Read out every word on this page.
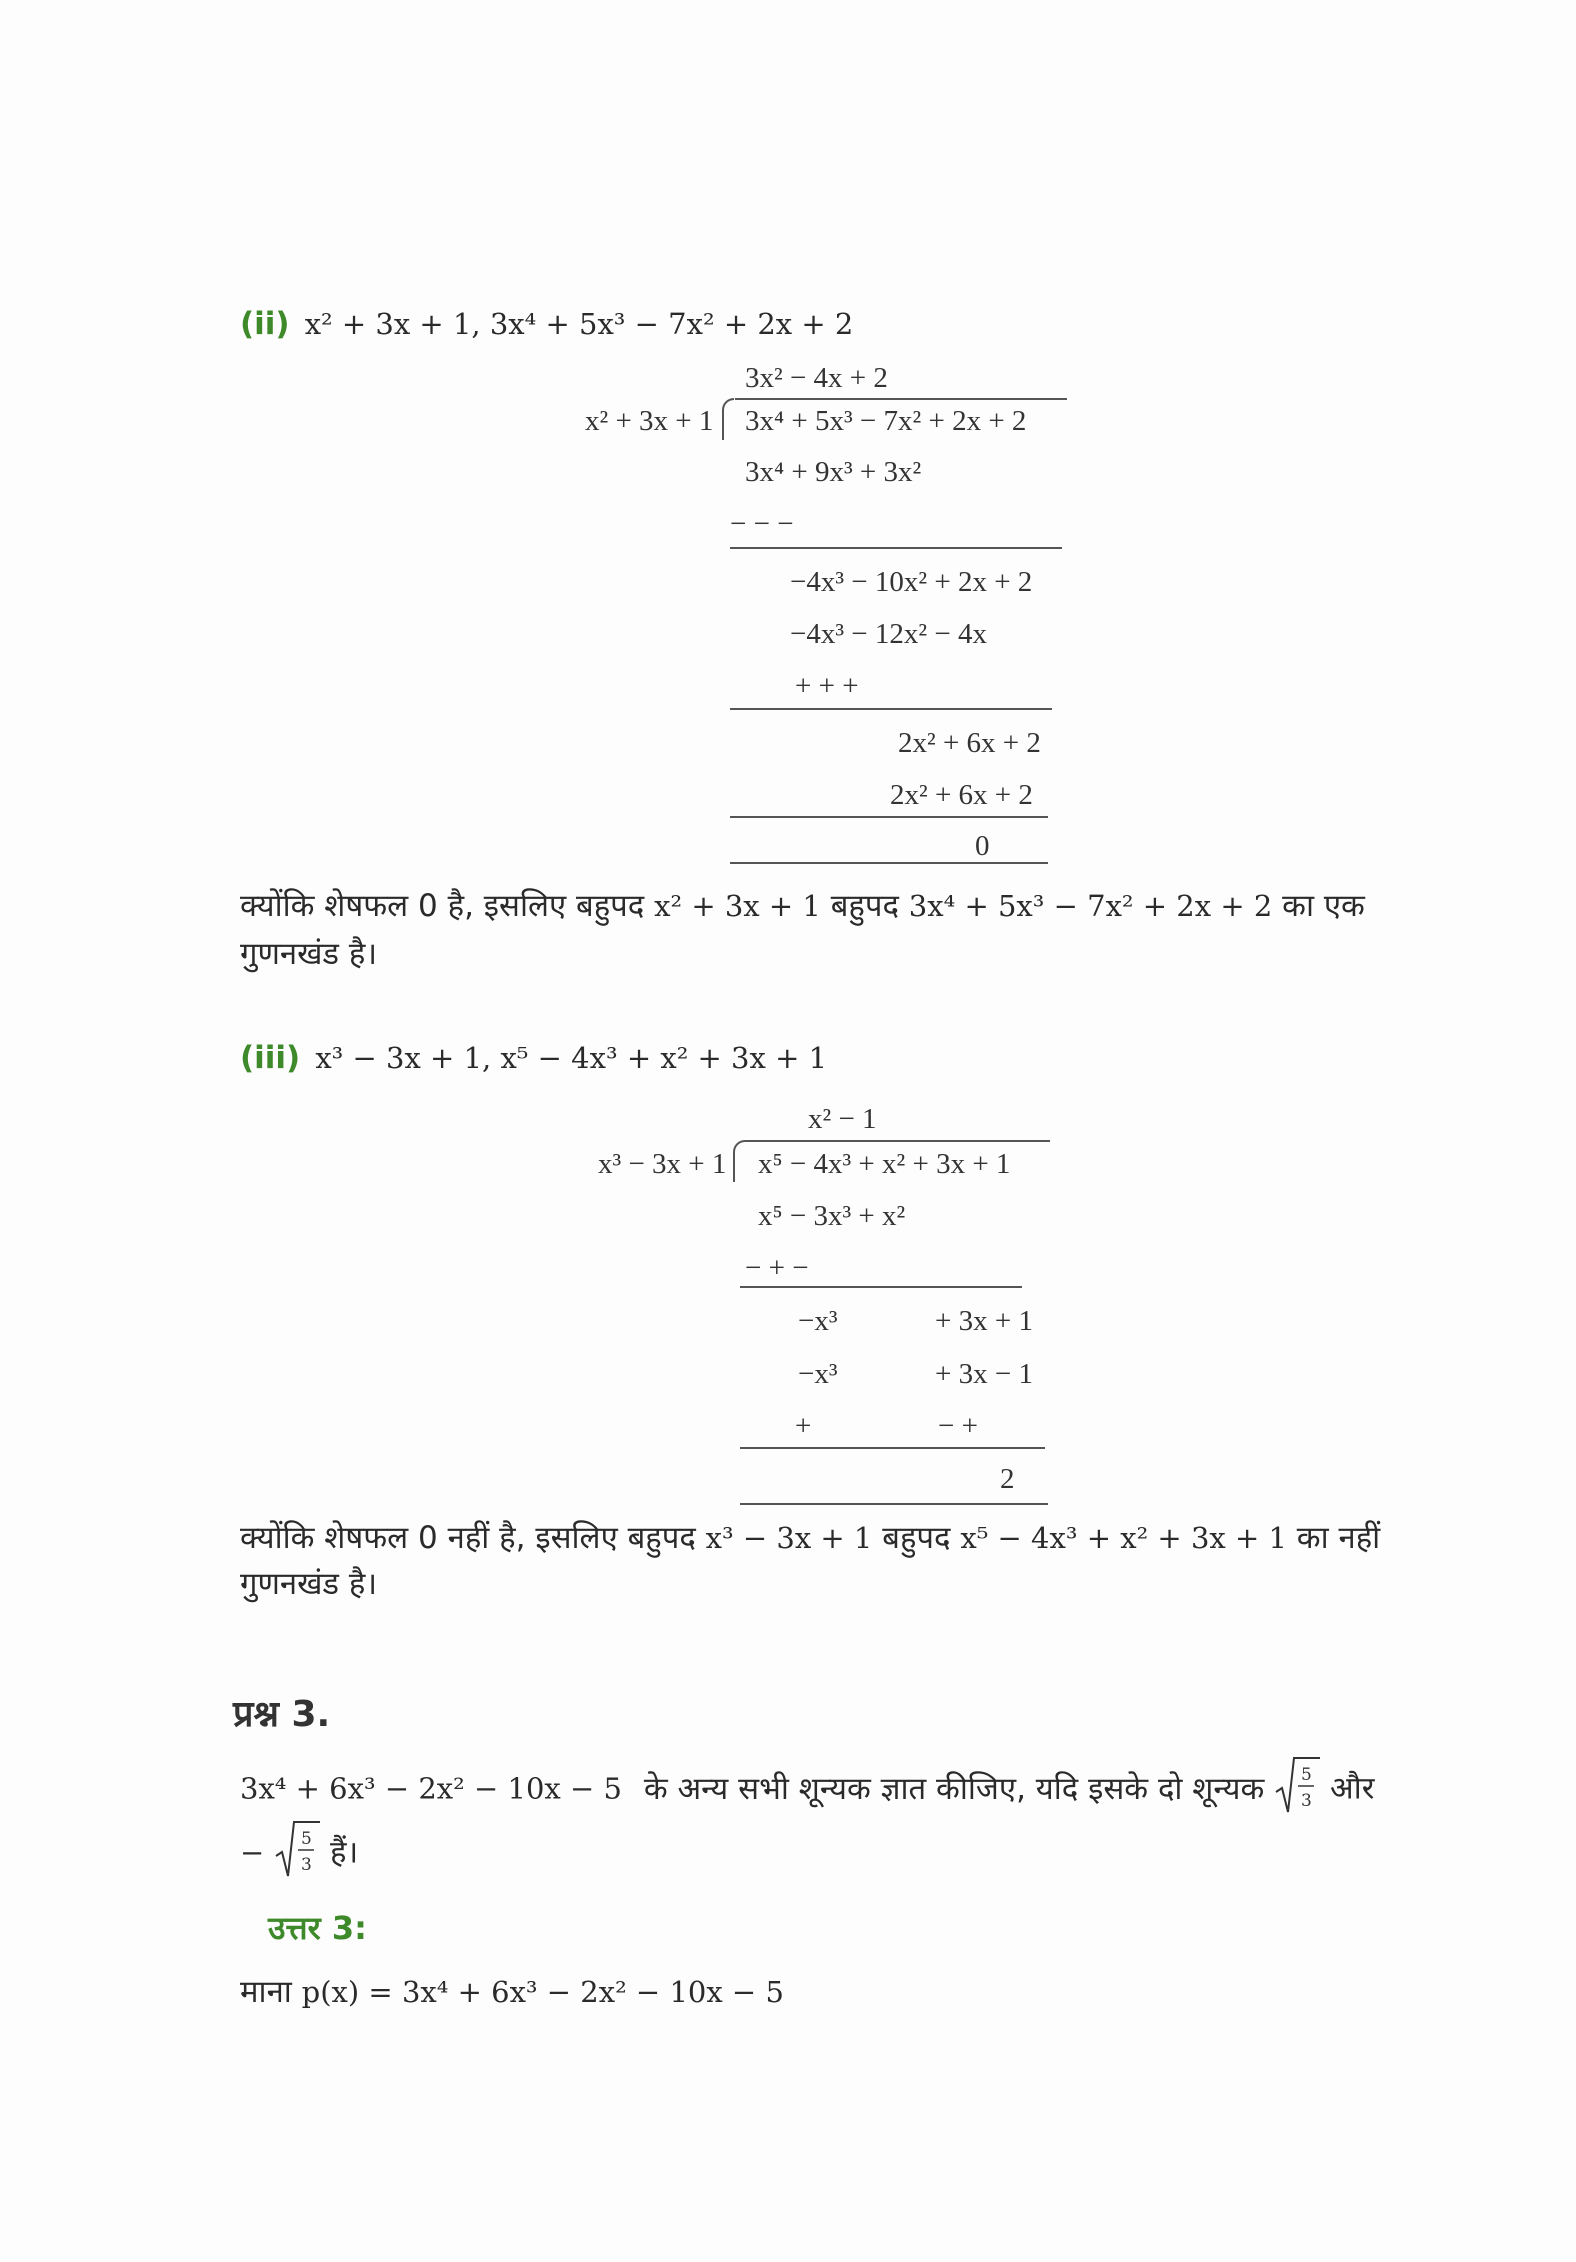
(ii) x² + 3x + 1, 3x⁴ + 5x³ − 7x² + 2x + 2
3x² − 4x + 2
x² + 3x + 1 3x⁴ + 5x³ − 7x² + 2x + 2
3x⁴ + 9x³ + 3x²
− − −
−4x³ − 10x² + 2x + 2
−4x³ − 12x² − 4x
+ + +
2x² + 6x + 2
2x² + 6x + 2
0
क्योंकि शेषफल 0 है, इसलिए बहुपद x² + 3x + 1 बहुपद 3x⁴ + 5x³ − 7x² + 2x + 2 का एक
गुणनखंड है।
(iii) x³ − 3x + 1, x⁵ − 4x³ + x² + 3x + 1
x² − 1
x³ − 3x + 1 x⁵ − 4x³ + x² + 3x + 1
x⁵ − 3x³ + x²
− + −
−x³	+ 3x + 1
−x³	+ 3x − 1
+	− +
2
क्योंकि शेषफल 0 नहीं है, इसलिए बहुपद x³ − 3x + 1 बहुपद x⁵ − 4x³ + x² + 3x + 1 का नहीं
गुणनखंड है।
प्रश्न 3.
3x⁴ + 6x³ − 2x² − 10x − 5 के अन्य सभी शून्यक ज्ञात कीजिए, यदि इसके दो शून्यक 5
3 और
− 5
3 हैं।
उत्तर 3:
माना p(x) = 3x⁴ + 6x³ − 2x² − 10x − 5
